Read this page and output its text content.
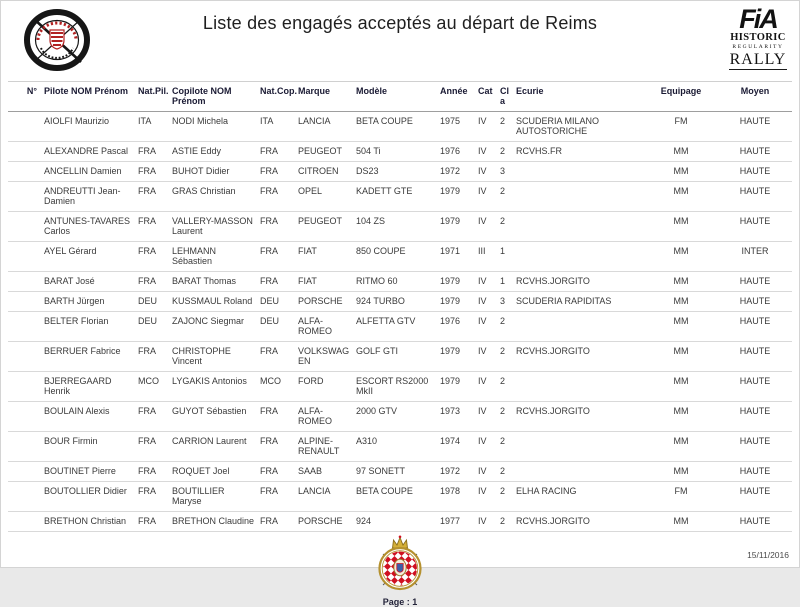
Liste des engagés acceptés au départ de Reims	FiA
HISTORIC
REGULARITY
RALLY
N°	Pilote NOM Prénom	Nat.Pil.	Copilote NOM Prénom	Nat.Cop.	Marque	Modèle	Année	Cat	Cla	Ecurie	Equipage	Moyen
	AIOLFI Maurizio	ITA	NODI Michela	ITA	LANCIA	BETA COUPE	1975	IV	2	SCUDERIA MILANO AUTOSTORICHE	FM	HAUTE
	ALEXANDRE Pascal	FRA	ASTIE Eddy	FRA	PEUGEOT	504 Ti	1976	IV	2	RCVHS.FR	MM	HAUTE
	ANCELLIN Damien	FRA	BUHOT Didier	FRA	CITROEN	DS23	1972	IV	3		MM	HAUTE
	ANDREUTTI Jean-Damien	FRA	GRAS Christian	FRA	OPEL	KADETT GTE	1979	IV	2		MM	HAUTE
	ANTUNES-TAVARES Carlos	FRA	VALLERY-MASSON Laurent	FRA	PEUGEOT	104 ZS	1979	IV	2		MM	HAUTE
	AYEL Gérard	FRA	LEHMANN Sébastien	FRA	FIAT	850 COUPE	1971	III	1		MM	INTER
	BARAT José	FRA	BARAT Thomas	FRA	FIAT	RITMO 60	1979	IV	1	RCVHS.JORGITO	MM	HAUTE
	BARTH Jürgen	DEU	KUSSMAUL Roland	DEU	PORSCHE	924 TURBO	1979	IV	3	SCUDERIA RAPIDITAS	MM	HAUTE
	BELTER Florian	DEU	ZAJONC Siegmar	DEU	ALFA-ROMEO	ALFETTA GTV	1976	IV	2		MM	HAUTE
	BERRUER Fabrice	FRA	CHRISTOPHE Vincent	FRA	VOLKSWAGEN	GOLF GTI	1979	IV	2	RCVHS.JORGITO	MM	HAUTE
	BJERREGAARD Henrik	MCO	LYGAKIS Antonios	MCO	FORD	ESCORT RS2000 MkII	1979	IV	2		MM	HAUTE
	BOULAIN Alexis	FRA	GUYOT Sébastien	FRA	ALFA-ROMEO	2000 GTV	1973	IV	2	RCVHS.JORGITO	MM	HAUTE
	BOUR Firmin	FRA	CARRION Laurent	FRA	ALPINE-RENAULT	A310	1974	IV	2		MM	HAUTE
	BOUTINET Pierre	FRA	ROQUET Joel	FRA	SAAB	97 SONETT	1972	IV	2		MM	HAUTE
	BOUTOLLIER Didier	FRA	BOUTILLIER Maryse	FRA	LANCIA	BETA COUPE	1978	IV	2	ELHA RACING	FM	HAUTE
	BRETHON Christian	FRA	BRETHON Claudine	FRA	PORSCHE	924	1977	IV	2	RCVHS.JORGITO	MM	HAUTE
Page : 1
15/11/2016
